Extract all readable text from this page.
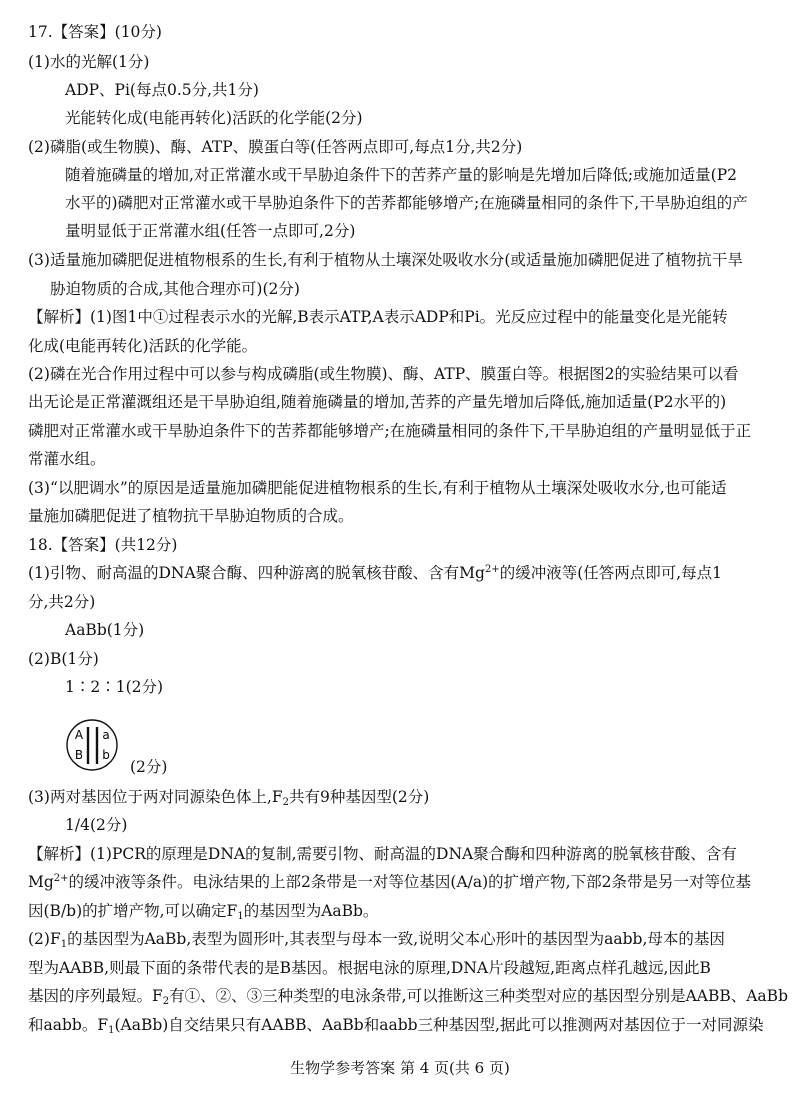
17.【答案】(10分)
(1)水的光解(1分)
ADP、Pi(每点0.5分,共1分)
光能转化成(电能再转化)活跃的化学能(2分)
(2)磷脂(或生物膜)、酶、ATP、膜蛋白等(任答两点即可,每点1分,共2分)
随着施磷量的增加,对正常灌水或干旱胁迫条件下的苦荞产量的影响是先增加后降低;或施加适量(P2
水平的)磷肥对正常灌水或干旱胁迫条件下的苦荞都能够增产;在施磷量相同的条件下,干旱胁迫组的产
量明显低于正常灌水组(任答一点即可,2分)
(3)适量施加磷肥促进植物根系的生长,有利于植物从土壤深处吸收水分(或适量施加磷肥促进了植物抗干旱
胁迫物质的合成,其他合理亦可)(2分)
【解析】(1)图1中①过程表示水的光解,B表示ATP,A表示ADP和Pi。光反应过程中的能量变化是光能转
化成(电能再转化)活跃的化学能。
(2)磷在光合作用过程中可以参与构成磷脂(或生物膜)、酶、ATP、膜蛋白等。根据图2的实验结果可以看
出无论是正常灌溉组还是干旱胁迫组,随着施磷量的增加,苦荞的产量先增加后降低,施加适量(P2水平的)
磷肥对正常灌水或干旱胁迫条件下的苦荞都能够增产;在施磷量相同的条件下,干旱胁迫组的产量明显低于正
常灌水组。
(3)“以肥调水”的原因是适量施加磷肥能促进植物根系的生长,有利于植物从土壤深处吸收水分,也可能适
量施加磷肥促进了植物抗干旱胁迫物质的合成。
18.【答案】(共12分)
(1)引物、耐高温的DNA聚合酶、四种游离的脱氧核苷酸、含有$Mg^{2+}$的缓冲液等(任答两点即可,每点1
分,共2分)
AaBb(1分)
(2)B(1分)
1∶2∶1(2分)
A a
B b
(2分)
(3)两对基因位于两对同源染色体上$,F_2$共有9种基因型(2分)
1/4(2分)
【解析】(1)PCR的原理是DNA的复制,需要引物、耐高温的DNA聚合酶和四种游离的脱氧核苷酸、含有
$Mg^{2+}$的缓冲液等条件。电泳结果的上部2条带是一对等位基因(A/a)的扩增产物,下部2条带是另一对等位基
因(B/b)的扩增产物,可以确定$F_1$的基因型为AaBb。
$(2)F_1$的基因型为AaBb,表型为圆形叶,其表型与母本一致,说明父本心形叶的基因型为aabb,母本的基因
型为AABB,则最下面的条带代表的是B基因。根据电泳的原理,DNA片段越短,距离点样孔越远,因此B
基因的序列最短。$F_2$有①、②、③三种类型的电泳条带,可以推断这三种类型对应的基因型分别是AABB、AaBb
和aabb。$F_1(AaBb)$自交结果只有AABB、AaBb和aabb三种基因型,据此可以推测两对基因位于一对同源染
生物学参考答案 第 4 页(共 6 页)
